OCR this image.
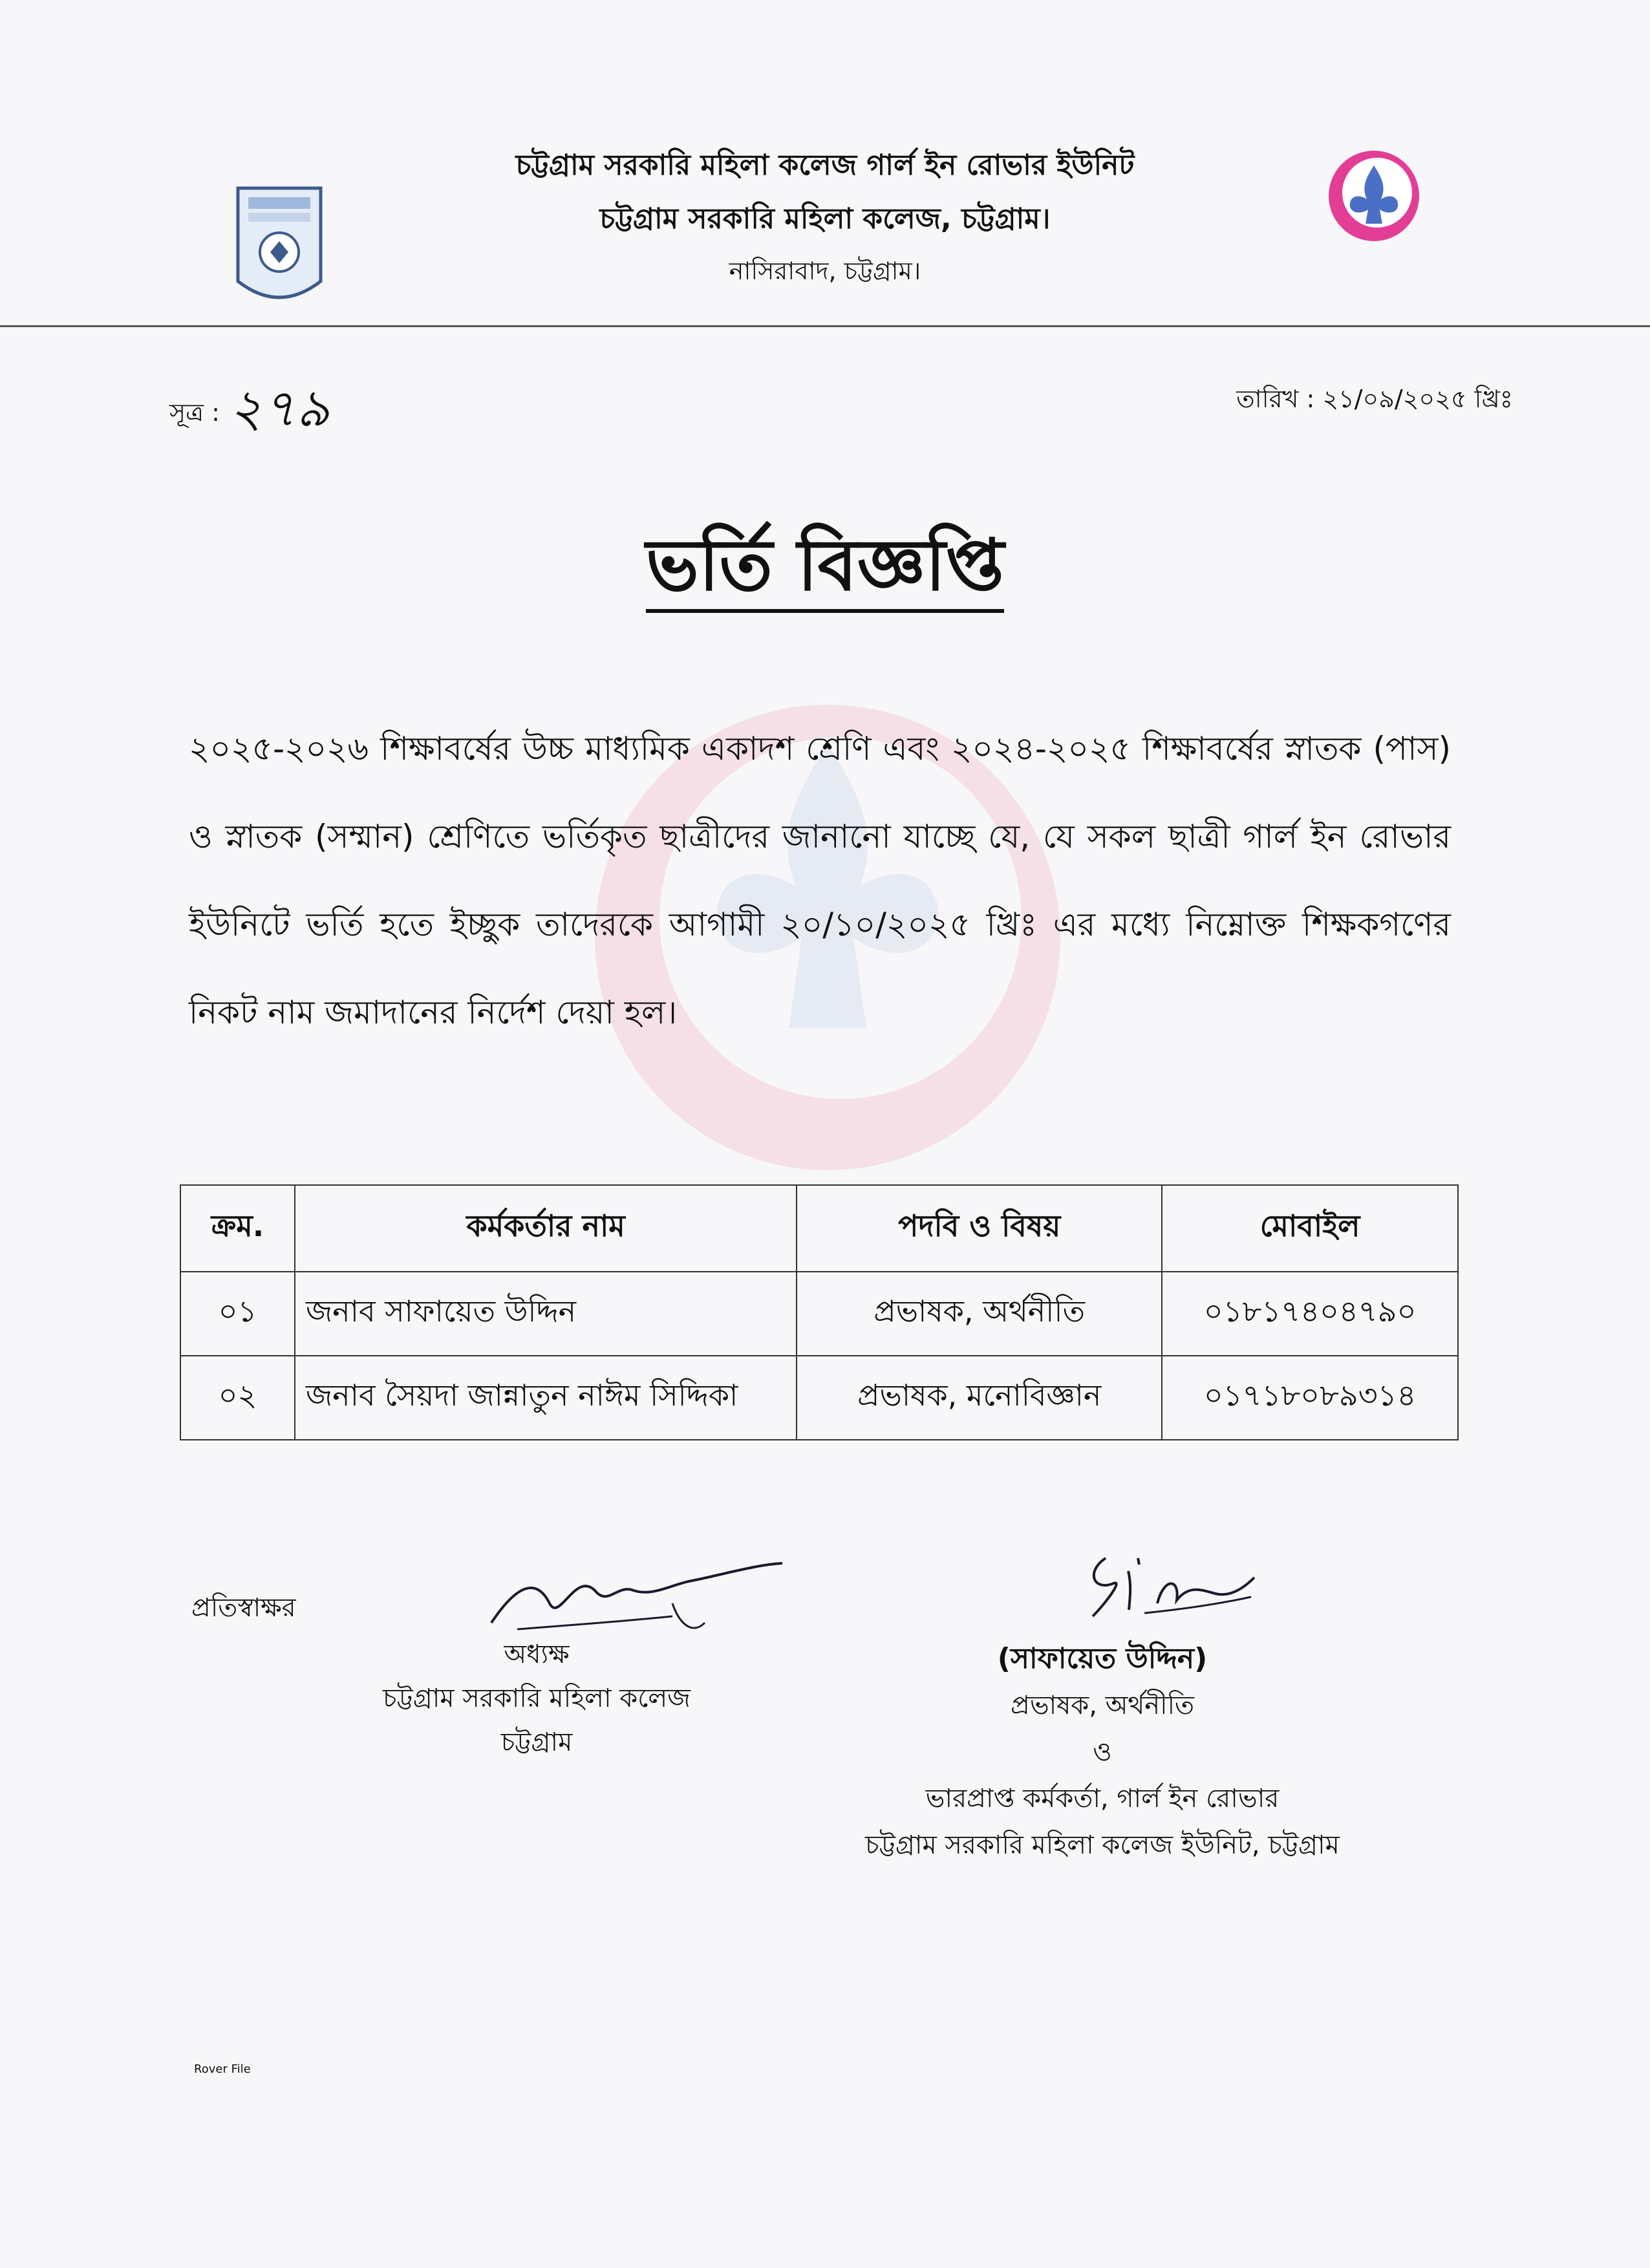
চট্টগ্রাম সরকারি মহিলা কলেজ গার্ল ইন রোভার ইউনিট
চট্টগ্রাম সরকারি মহিলা কলেজ, চট্টগ্রাম।
নাসিরাবাদ, চট্টগ্রাম।
সূত্র : ২৭৯	তারিখ : ২১/০৯/২০২৫ খ্রিঃ
ভর্তি বিজ্ঞপ্তি
২০২৫-২০২৬ শিক্ষাবর্ষের উচ্চ মাধ্যমিক একাদশ শ্রেণি এবং ২০২৪-২০২৫ শিক্ষাবর্ষের স্নাতক (পাস) ও স্নাতক (সম্মান) শ্রেণিতে ভর্তিকৃত ছাত্রীদের জানানো যাচ্ছে যে, যে সকল ছাত্রী গার্ল ইন রোভার ইউনিটে ভর্তি হতে ইচ্ছুক তাদেরকে আগামী ২০/১০/২০২৫ খ্রিঃ এর মধ্যে নিম্নোক্ত শিক্ষকগণের নিকট নাম জমাদানের নির্দেশ দেয়া হল।
ক্রম.	কর্মকর্তার নাম	পদবি ও বিষয়	মোবাইল
০১	জনাব সাফায়েত উদ্দিন	প্রভাষক, অর্থনীতি	০১৮১৭৪০৪৭৯০
০২	জনাব সৈয়দা জান্নাতুন নাঈম সিদ্দিকা	প্রভাষক, মনোবিজ্ঞান	০১৭১৮০৮৯৩১৪
প্রতিস্বাক্ষর
অধ্যক্ষ
চট্টগ্রাম সরকারি মহিলা কলেজ
চট্টগ্রাম
(সাফায়েত উদ্দিন)
প্রভাষক, অর্থনীতি
ও
ভারপ্রাপ্ত কর্মকর্তা, গার্ল ইন রোভার
চট্টগ্রাম সরকারি মহিলা কলেজ ইউনিট, চট্টগ্রাম
Rover File
